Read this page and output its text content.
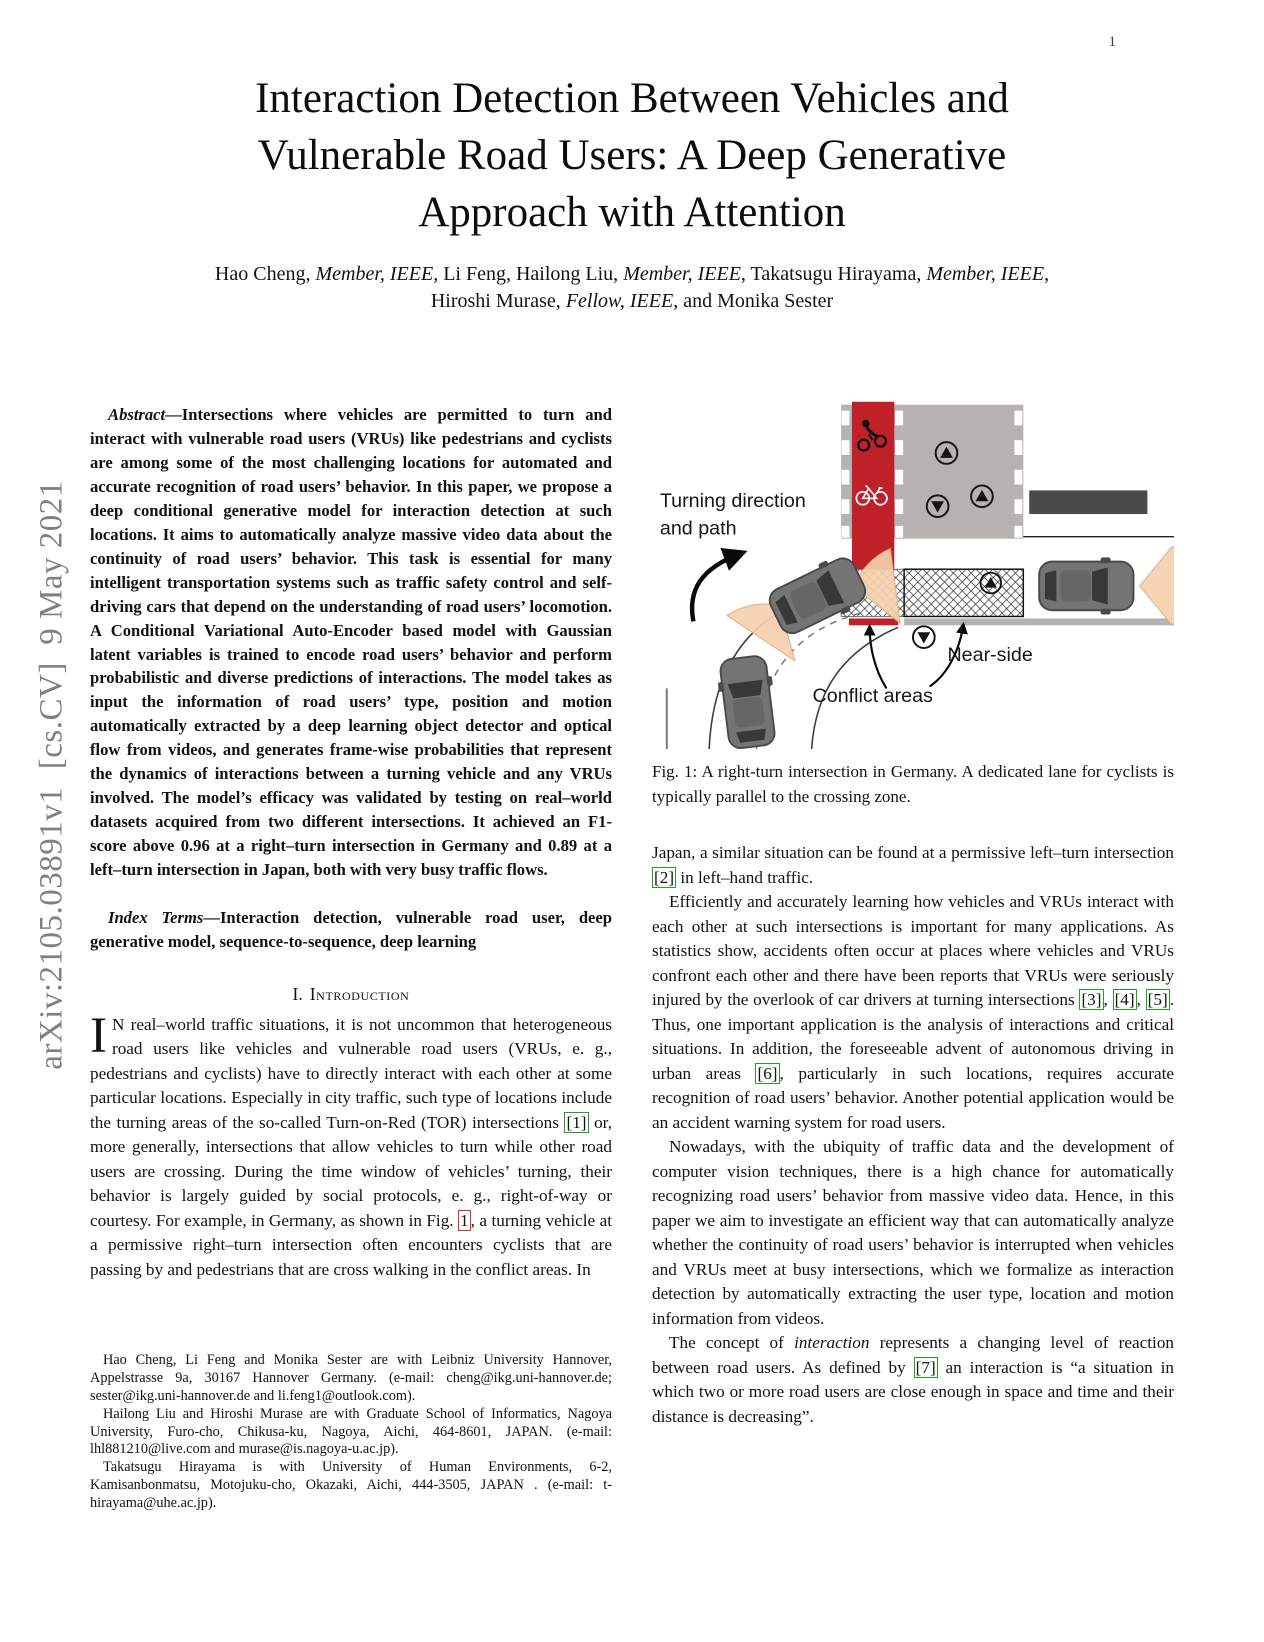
1
arXiv:2105.03891v1  [cs.CV]  9 May 2021
Interaction Detection Between Vehicles and
Vulnerable Road Users: A Deep Generative
Approach with Attention
Hao Cheng, Member, IEEE, Li Feng, Hailong Liu, Member, IEEE, Takatsugu Hirayama, Member, IEEE,
Hiroshi Murase, Fellow, IEEE, and Monika Sester

Abstract—Intersections where vehicles are permitted to turn and interact with vulnerable road users (VRUs) like pedestrians and cyclists are among some of the most challenging locations for automated and accurate recognition of road users’ behavior. In this paper, we propose a deep conditional generative model for interaction detection at such locations. It aims to automatically analyze massive video data about the continuity of road users’ behavior. This task is essential for many intelligent transportation systems such as traffic safety control and self-driving cars that depend on the understanding of road users’ locomotion. A Conditional Variational Auto-Encoder based model with Gaussian latent variables is trained to encode road users’ behavior and perform probabilistic and diverse predictions of interactions. The model takes as input the information of road users’ type, position and motion automatically extracted by a deep learning object detector and optical flow from videos, and generates frame-wise probabilities that represent the dynamics of interactions between a turning vehicle and any VRUs involved. The model’s efficacy was validated by testing on real–world datasets acquired from two different intersections. It achieved an F1-score above 0.96 at a right–turn intersection in Germany and 0.89 at a left–turn intersection in Japan, both with very busy traffic flows.

Index Terms—Interaction detection, vulnerable road user, deep generative model, sequence-to-sequence, deep learning

I. Introduction

I N real–world traffic situations, it is not uncommon that heterogeneous road users like vehicles and vulnerable road users (VRUs, e. g., pedestrians and cyclists) have to directly interact with each other at some particular locations. Especially in city traffic, such type of locations include the turning areas of the so-called Turn-on-Red (TOR) intersections [1] or, more generally, intersections that allow vehicles to turn while other road users are crossing. During the time window of vehicles’ turning, their behavior is largely guided by social protocols, e. g., right-of-way or courtesy. For example, in Germany, as shown in Fig. 1 , a turning vehicle at a permissive right–turn intersection often encounters cyclists that are passing by and pedestrians that are cross walking in the conflict areas. In

Hao Cheng, Li Feng and Monika Sester are with Leibniz University Hannover, Appelstrasse 9a, 30167 Hannover Germany. (e-mail: cheng@ikg.uni-hannover.de; sester@ikg.uni-hannover.de and li.feng1@outlook.com).

Hailong Liu and Hiroshi Murase are with Graduate School of Informatics, Nagoya University, Furo-cho, Chikusa-ku, Nagoya, Aichi, 464-8601, JAPAN. (e-mail: lhl881210@live.com and murase@is.nagoya-u.ac.jp).

Takatsugu Hirayama is with University of Human Environments, 6-2, Kamisanbonmatsu, Motojuku-cho, Okazaki, Aichi, 444-3505, JAPAN . (e-mail: t-hirayama@uhe.ac.jp).

Turning direction
and path
Near-side
Conflict areas

Fig. 1: A right-turn intersection in Germany. A dedicated lane for cyclists is typically parallel to the crossing zone.

Japan, a similar situation can be found at a permissive left–turn intersection [2] in left–hand traffic.

Efficiently and accurately learning how vehicles and VRUs interact with each other at such intersections is important for many applications. As statistics show, accidents often occur at places where vehicles and VRUs confront each other and there have been reports that VRUs were seriously injured by the overlook of car drivers at turning intersections [3] , [4] , [5] . Thus, one important application is the analysis of interactions and critical situations. In addition, the foreseeable advent of autonomous driving in urban areas [6] , particularly in such locations, requires accurate recognition of road users’ behavior. Another potential application would be an accident warning system for road users.

Nowadays, with the ubiquity of traffic data and the development of computer vision techniques, there is a high chance for automatically recognizing road users’ behavior from massive video data. Hence, in this paper we aim to investigate an efficient way that can automatically analyze whether the continuity of road users’ behavior is interrupted when vehicles and VRUs meet at busy intersections, which we formalize as interaction detection by automatically extracting the user type, location and motion information from videos.

The concept of interaction represents a changing level of reaction between road users. As defined by [7] an interaction is “a situation in which two or more road users are close enough in space and time and their distance is decreasing”.
